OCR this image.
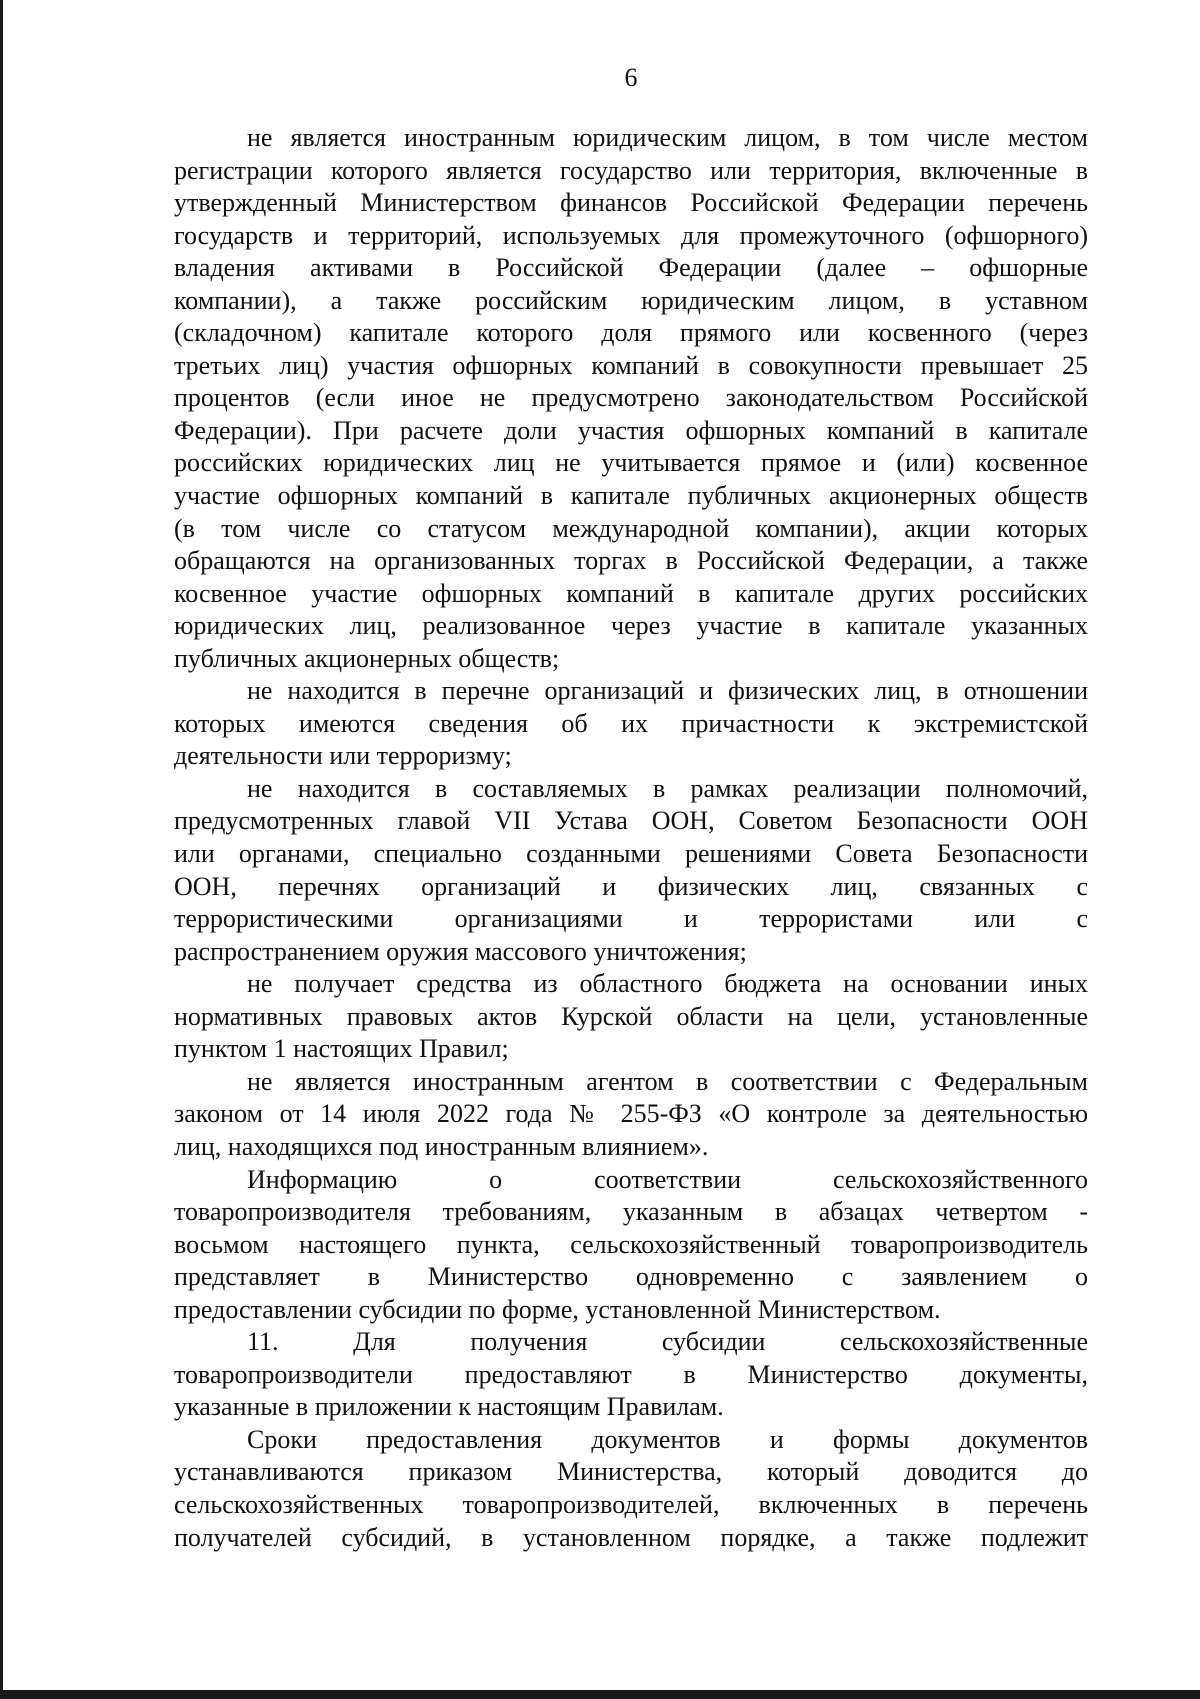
6

не является иностранным юридическим лицом, в том числе местом
регистрации которого является государство или территория, включенные в
утвержденный Министерством финансов Российской Федерации перечень
государств и территорий, используемых для промежуточного (офшорного)
владения активами в Российской Федерации (далее – офшорные
компании), а также российским юридическим лицом, в уставном
(складочном) капитале которого доля прямого или косвенного (через
третьих лиц) участия офшорных компаний в совокупности превышает 25
процентов (если иное не предусмотрено законодательством Российской
Федерации). При расчете доли участия офшорных компаний в капитале
российских юридических лиц не учитывается прямое и (или) косвенное
участие офшорных компаний в капитале публичных акционерных обществ
(в том числе со статусом международной компании), акции которых
обращаются на организованных торгах в Российской Федерации, а также
косвенное участие офшорных компаний в капитале других российских
юридических лиц, реализованное через участие в капитале указанных
публичных акционерных обществ;

не находится в перечне организаций и физических лиц, в отношении
которых имеются сведения об их причастности к экстремистской
деятельности или терроризму;

не находится в составляемых в рамках реализации полномочий,
предусмотренных главой VII Устава ООН, Советом Безопасности ООН
или органами, специально созданными решениями Совета Безопасности
ООН, перечнях организаций и физических лиц, связанных с
террористическими организациями и террористами или с
распространением оружия массового уничтожения;

не получает средства из областного бюджета на основании иных
нормативных правовых актов Курской области на цели, установленные
пунктом 1 настоящих Правил;

не является иностранным агентом в соответствии с Федеральным
законом от 14 июля 2022 года № 255-ФЗ «О контроле за деятельностью
лиц, находящихся под иностранным влиянием».

Информацию о соответствии сельскохозяйственного
товаропроизводителя требованиям, указанным в абзацах четвертом -
восьмом настоящего пункта, сельскохозяйственный товаропроизводитель
представляет в Министерство одновременно с заявлением о
предоставлении субсидии по форме, установленной Министерством.

11. Для получения субсидии сельскохозяйственные
товаропроизводители предоставляют в Министерство документы,
указанные в приложении к настоящим Правилам.

Сроки предоставления документов и формы документов
устанавливаются приказом Министерства, который доводится до
сельскохозяйственных товаропроизводителей, включенных в перечень
получателей субсидий, в установленном порядке, а также подлежит
